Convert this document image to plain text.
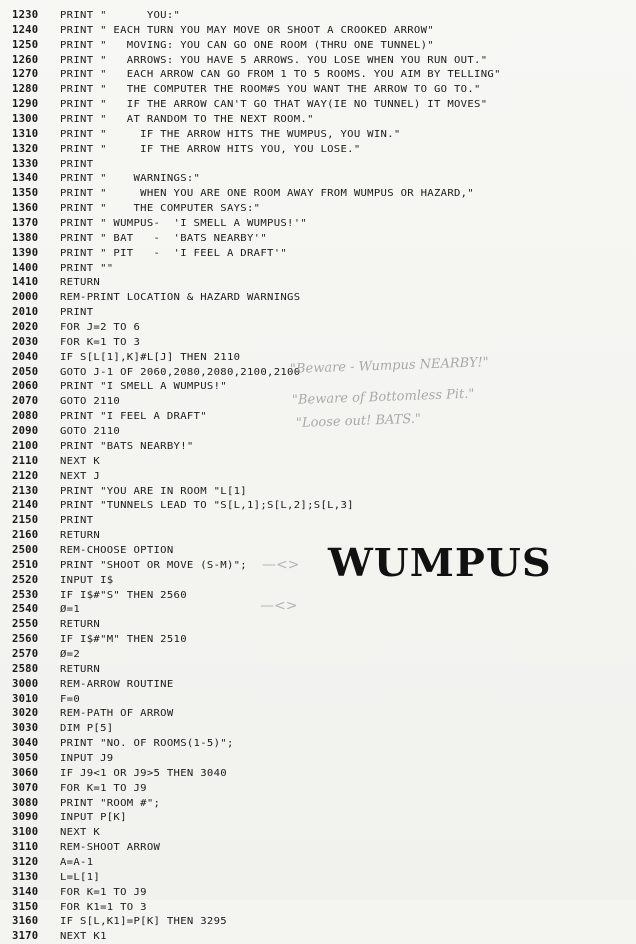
1230	PRINT "      YOU:"
1240	PRINT " EACH TURN YOU MAY MOVE OR SHOOT A CROOKED ARROW"
1250	PRINT "   MOVING: YOU CAN GO ONE ROOM (THRU ONE TUNNEL)"
1260	PRINT "   ARROWS: YOU HAVE 5 ARROWS. YOU LOSE WHEN YOU RUN OUT."
1270	PRINT "   EACH ARROW CAN GO FROM 1 TO 5 ROOMS. YOU AIM BY TELLING"
1280	PRINT "   THE COMPUTER THE ROOM#S YOU WANT THE ARROW TO GO TO."
1290	PRINT "   IF THE ARROW CAN'T GO THAT WAY(IE NO TUNNEL) IT MOVES"
1300	PRINT "   AT RANDOM TO THE NEXT ROOM."
1310	PRINT "     IF THE ARROW HITS THE WUMPUS, YOU WIN."
1320	PRINT "     IF THE ARROW HITS YOU, YOU LOSE."
1330	PRINT
1340	PRINT "    WARNINGS:"
1350	PRINT "     WHEN YOU ARE ONE ROOM AWAY FROM WUMPUS OR HAZARD,"
1360	PRINT "    THE COMPUTER SAYS:"
1370	PRINT " WUMPUS-  'I SMELL A WUMPUS!'"
1380	PRINT " BAT   -  'BATS NEARBY'"
1390	PRINT " PIT   -  'I FEEL A DRAFT'"
1400	PRINT ""
1410	RETURN
2000	REM-PRINT LOCATION & HAZARD WARNINGS
2010	PRINT
2020	FOR J=2 TO 6
2030	FOR K=1 TO 3
2040	IF S[L[1],K]#L[J] THEN 2110
2050	GOTO J-1 OF 2060,2080,2080,2100,2100
2060	PRINT "I SMELL A WUMPUS!"
2070	GOTO 2110
2080	PRINT "I FEEL A DRAFT"
2090	GOTO 2110
2100	PRINT "BATS NEARBY!"
2110	NEXT K
2120	NEXT J
2130	PRINT "YOU ARE IN ROOM "L[1]
2140	PRINT "TUNNELS LEAD TO "S[L,1];S[L,2];S[L,3]
2150	PRINT
2160	RETURN
2500	REM-CHOOSE OPTION
2510	PRINT "SHOOT OR MOVE (S-M)";
2520	INPUT I$
2530	IF I$#"S" THEN 2560
2540	Ø=1
2550	RETURN
2560	IF I$#"M" THEN 2510
2570	Ø=2
2580	RETURN
3000	REM-ARROW ROUTINE
3010	F=0
3020	REM-PATH OF ARROW
3030	DIM P[5]
3040	PRINT "NO. OF ROOMS(1-5)";
3050	INPUT J9
3060	IF J9<1 OR J9>5 THEN 3040
3070	FOR K=1 TO J9
3080	PRINT "ROOM #";
3090	INPUT P[K]
3100	NEXT K
3110	REM-SHOOT ARROW
3120	A=A-1
3130	L=L[1]
3140	FOR K=1 TO J9
3150	FOR K1=1 TO 3
3160	IF S[L,K1]=P[K] THEN 3295
3170	NEXT K1
WUMPUS
"Beware - Wumpus NEARBY!"
"Beware of Bottomless Pit."
"Loose out! BATS."
—<>
—<>
